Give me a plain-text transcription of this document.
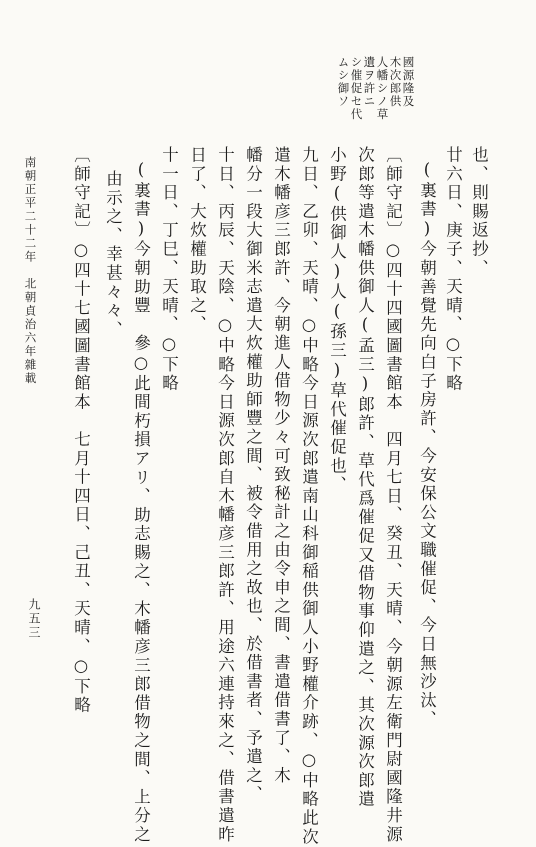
國源隆及
木次郎供
人幡シノ草
遺ヲ許ニ
シ催促セ代
ムシ御ソ
也、則賜返抄、
廿六日、庚子、天晴、○下略
(裏書)今朝善覺先向白子房許、今安保公文職催促、今日無沙汰、
〔師守記〕○四十四國圖書館本　四月七日、癸丑、天晴、今朝源左衛門尉國隆井源
次郎等遣木幡供御人(孟三)郎許、草代爲催促又借物事仰遣之、其次源次郎遣
小野(供御人)人(孫三)草代催促也、
九日、乙卯、天晴、○中略今日源次郎遣南山科御稲供御人小野權介跡、○中略此次
遣木幡彦三郎許、今朝進人借物少々可致秘計之由令申之間、書遣借書了、木
幡分一段大御米志遣大炊權助師豐之間、被令借用之故也、於借書者、予遣之、
十日、丙辰、天陰、○中略今日源次郎自木幡彦三郎許、用途六連持來之、借書遣昨
日了、大炊權助取之、
十一日、丁巳、天晴、○下略
(裏書)今朝助豐　參○此間朽損アリ、助志賜之、木幡彦三郎借物之間、上分之
由示之、幸甚々々、
〔師守記〕○四十七國圖書館本　七月十四日、己丑、天晴、○下略
南朝正平二十二年　北朝貞治六年雜載
九五三
